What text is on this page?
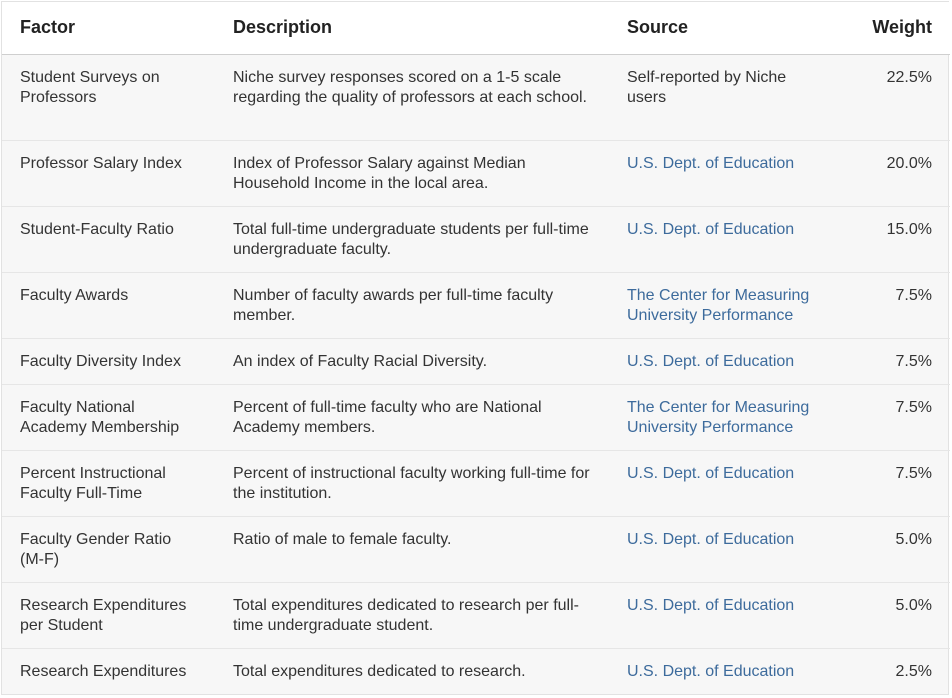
Factor	Description	Source	Weight
Student Surveys on Professors	Niche survey responses scored on a 1-5 scale regarding the quality of professors at each school.	Self-reported by Niche users	22.5%
Professor Salary Index	Index of Professor Salary against Median Household Income in the local area.	U.S. Dept. of Education	20.0%
Student-Faculty Ratio	Total full-time undergraduate students per full-time undergraduate faculty.	U.S. Dept. of Education	15.0%
Faculty Awards	Number of faculty awards per full-time faculty member.	The Center for Measuring University Performance	7.5%
Faculty Diversity Index	An index of Faculty Racial Diversity.	U.S. Dept. of Education	7.5%
Faculty National Academy Membership	Percent of full-time faculty who are National Academy members.	The Center for Measuring University Performance	7.5%
Percent Instructional Faculty Full-Time	Percent of instructional faculty working full-time for the institution.	U.S. Dept. of Education	7.5%
Faculty Gender Ratio (M-F)	Ratio of male to female faculty.	U.S. Dept. of Education	5.0%
Research Expenditures per Student	Total expenditures dedicated to research per full-time undergraduate student.	U.S. Dept. of Education	5.0%
Research Expenditures	Total expenditures dedicated to research.	U.S. Dept. of Education	2.5%
